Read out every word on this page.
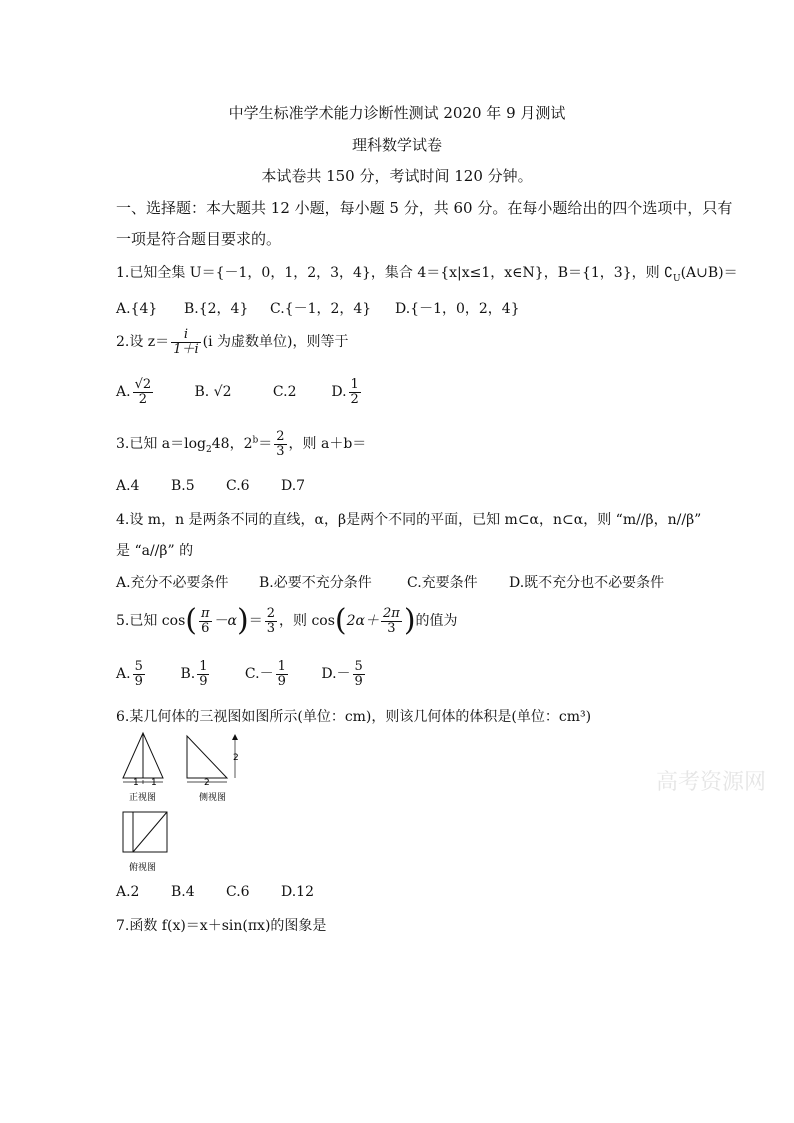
中学生标准学术能力诊断性测试 2020 年 9 月测试
理科数学试卷
本试卷共 150 分，考试时间 120 分钟。
一、选择题：本大题共 12 小题，每小题 5 分，共 60 分。在每小题给出的四个选项中，只有
一项是符合题目要求的。
1.已知全集 U＝{－1，0，1，2，3，4}，集合 4＝{x|x≤1，x∈N}，B＝{1，3}，则 $∁_U(A\cup B)=$
A.{4} B.{2，4} C.{－1，2，4} D.{－1，0，2，4}
2.设 $z= \frac{i}{1+i} (i$ 为虚数单位)，则等于
A. $\frac{√2}{2}$	B. √2	C.2 D. $\frac{1}{2}$
3.已知 $a=\log_248$，$2^b= \frac{2}{3}$ ，则 a＋b＝
A.4 B.5 C.6 D.7
4.设 m，n 是两条不同的直线，α，β是两个不同的平面，已知 m⊂α，n⊂α，则 “m//β，n//β”
是 “a//β” 的
A.充分不必要条件 B.必要不充分条件	C.充要条件 D.既不充分也不必要条件
5.已知 $\cos( \frac{\pi}{6} -\alpha)= \frac{2}{3}$ ，则 $\cos(2\alpha+ \frac{2\pi}{3}$ )的值为
A. $\frac{5}{9}$	B. $\frac{1}{9}$	$C.- \frac{1}{9} D.- \frac{5}{9}$
6.某几何体的三视图如图所示(单位：cm)，则该几何体的体积是(单位：cm³)
1 1
正视图
2
2
侧视图
俯视图
高考资源网
A.2 B.4 C.6 D.12
7.函数 f(x)＝x＋sin(πx)的图象是
